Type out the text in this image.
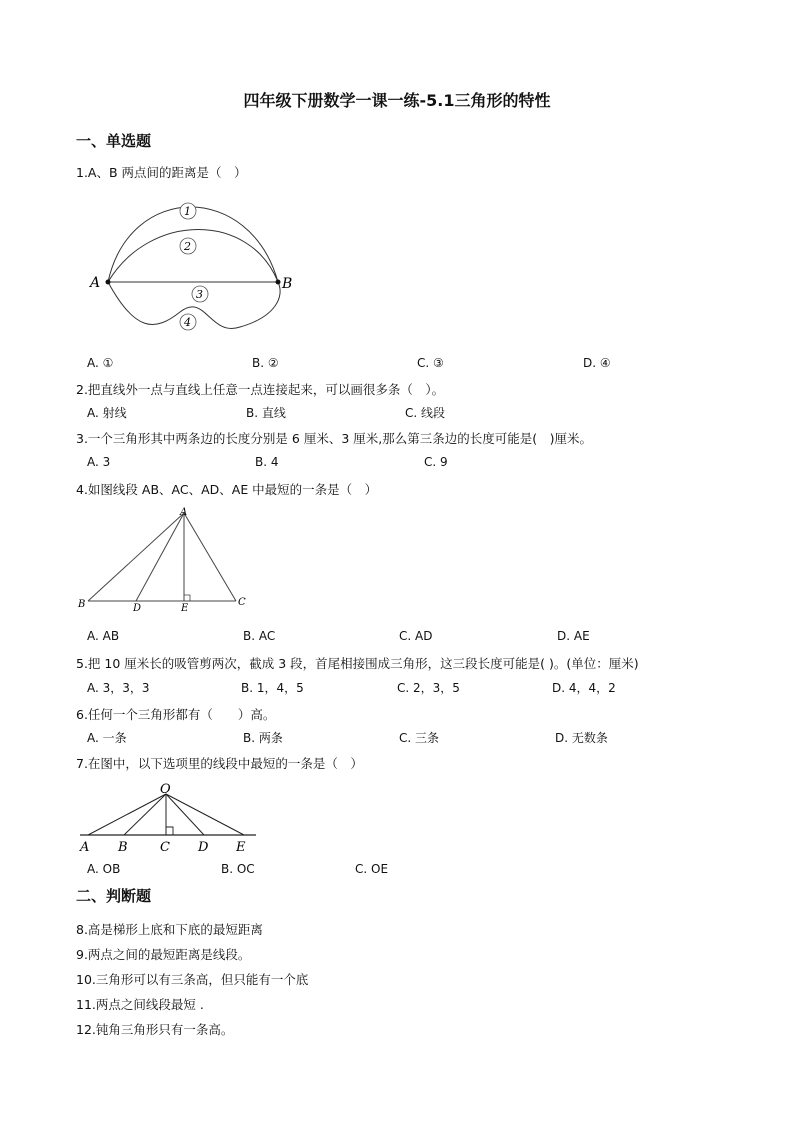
四年级下册数学一课一练-5.1三角形的特性
一、单选题
1.A、B 两点间的距离是（　）
A	B
1
2
3
4
A. ①	B. ②	C. ③	D. ④
2.把直线外一点与直线上任意一点连接起来，可以画很多条（　）。
A. 射线	B. 直线	C. 线段
3.一个三角形其中两条边的长度分别是 6 厘米、3 厘米,那么第三条边的长度可能是(　)厘米。
A. 3	B. 4	C. 9
4.如图线段 AB、AC、AD、AE 中最短的一条是（　）
A
B	D	E
C
A. AB	B. AC	C. AD	D. AE
5.把 10 厘米长的吸管剪两次，截成 3 段，首尾相接围成三角形，这三段长度可能是( )。(单位：厘米)
A. 3，3，3	B. 1，4，5	C. 2，3，5	D. 4，4，2
6.任何一个三角形都有（　　）高。
A. 一条	B. 两条	C. 三条	D. 无数条
7.在图中，以下选项里的线段中最短的一条是（　）
O
A B C D E
A. OB	B. OC	C. OE
二、判断题
8.高是梯形上底和下底的最短距离
9.两点之间的最短距离是线段。
10.三角形可以有三条高，但只能有一个底
11.两点之间线段最短 .
12.钝角三角形只有一条高。
